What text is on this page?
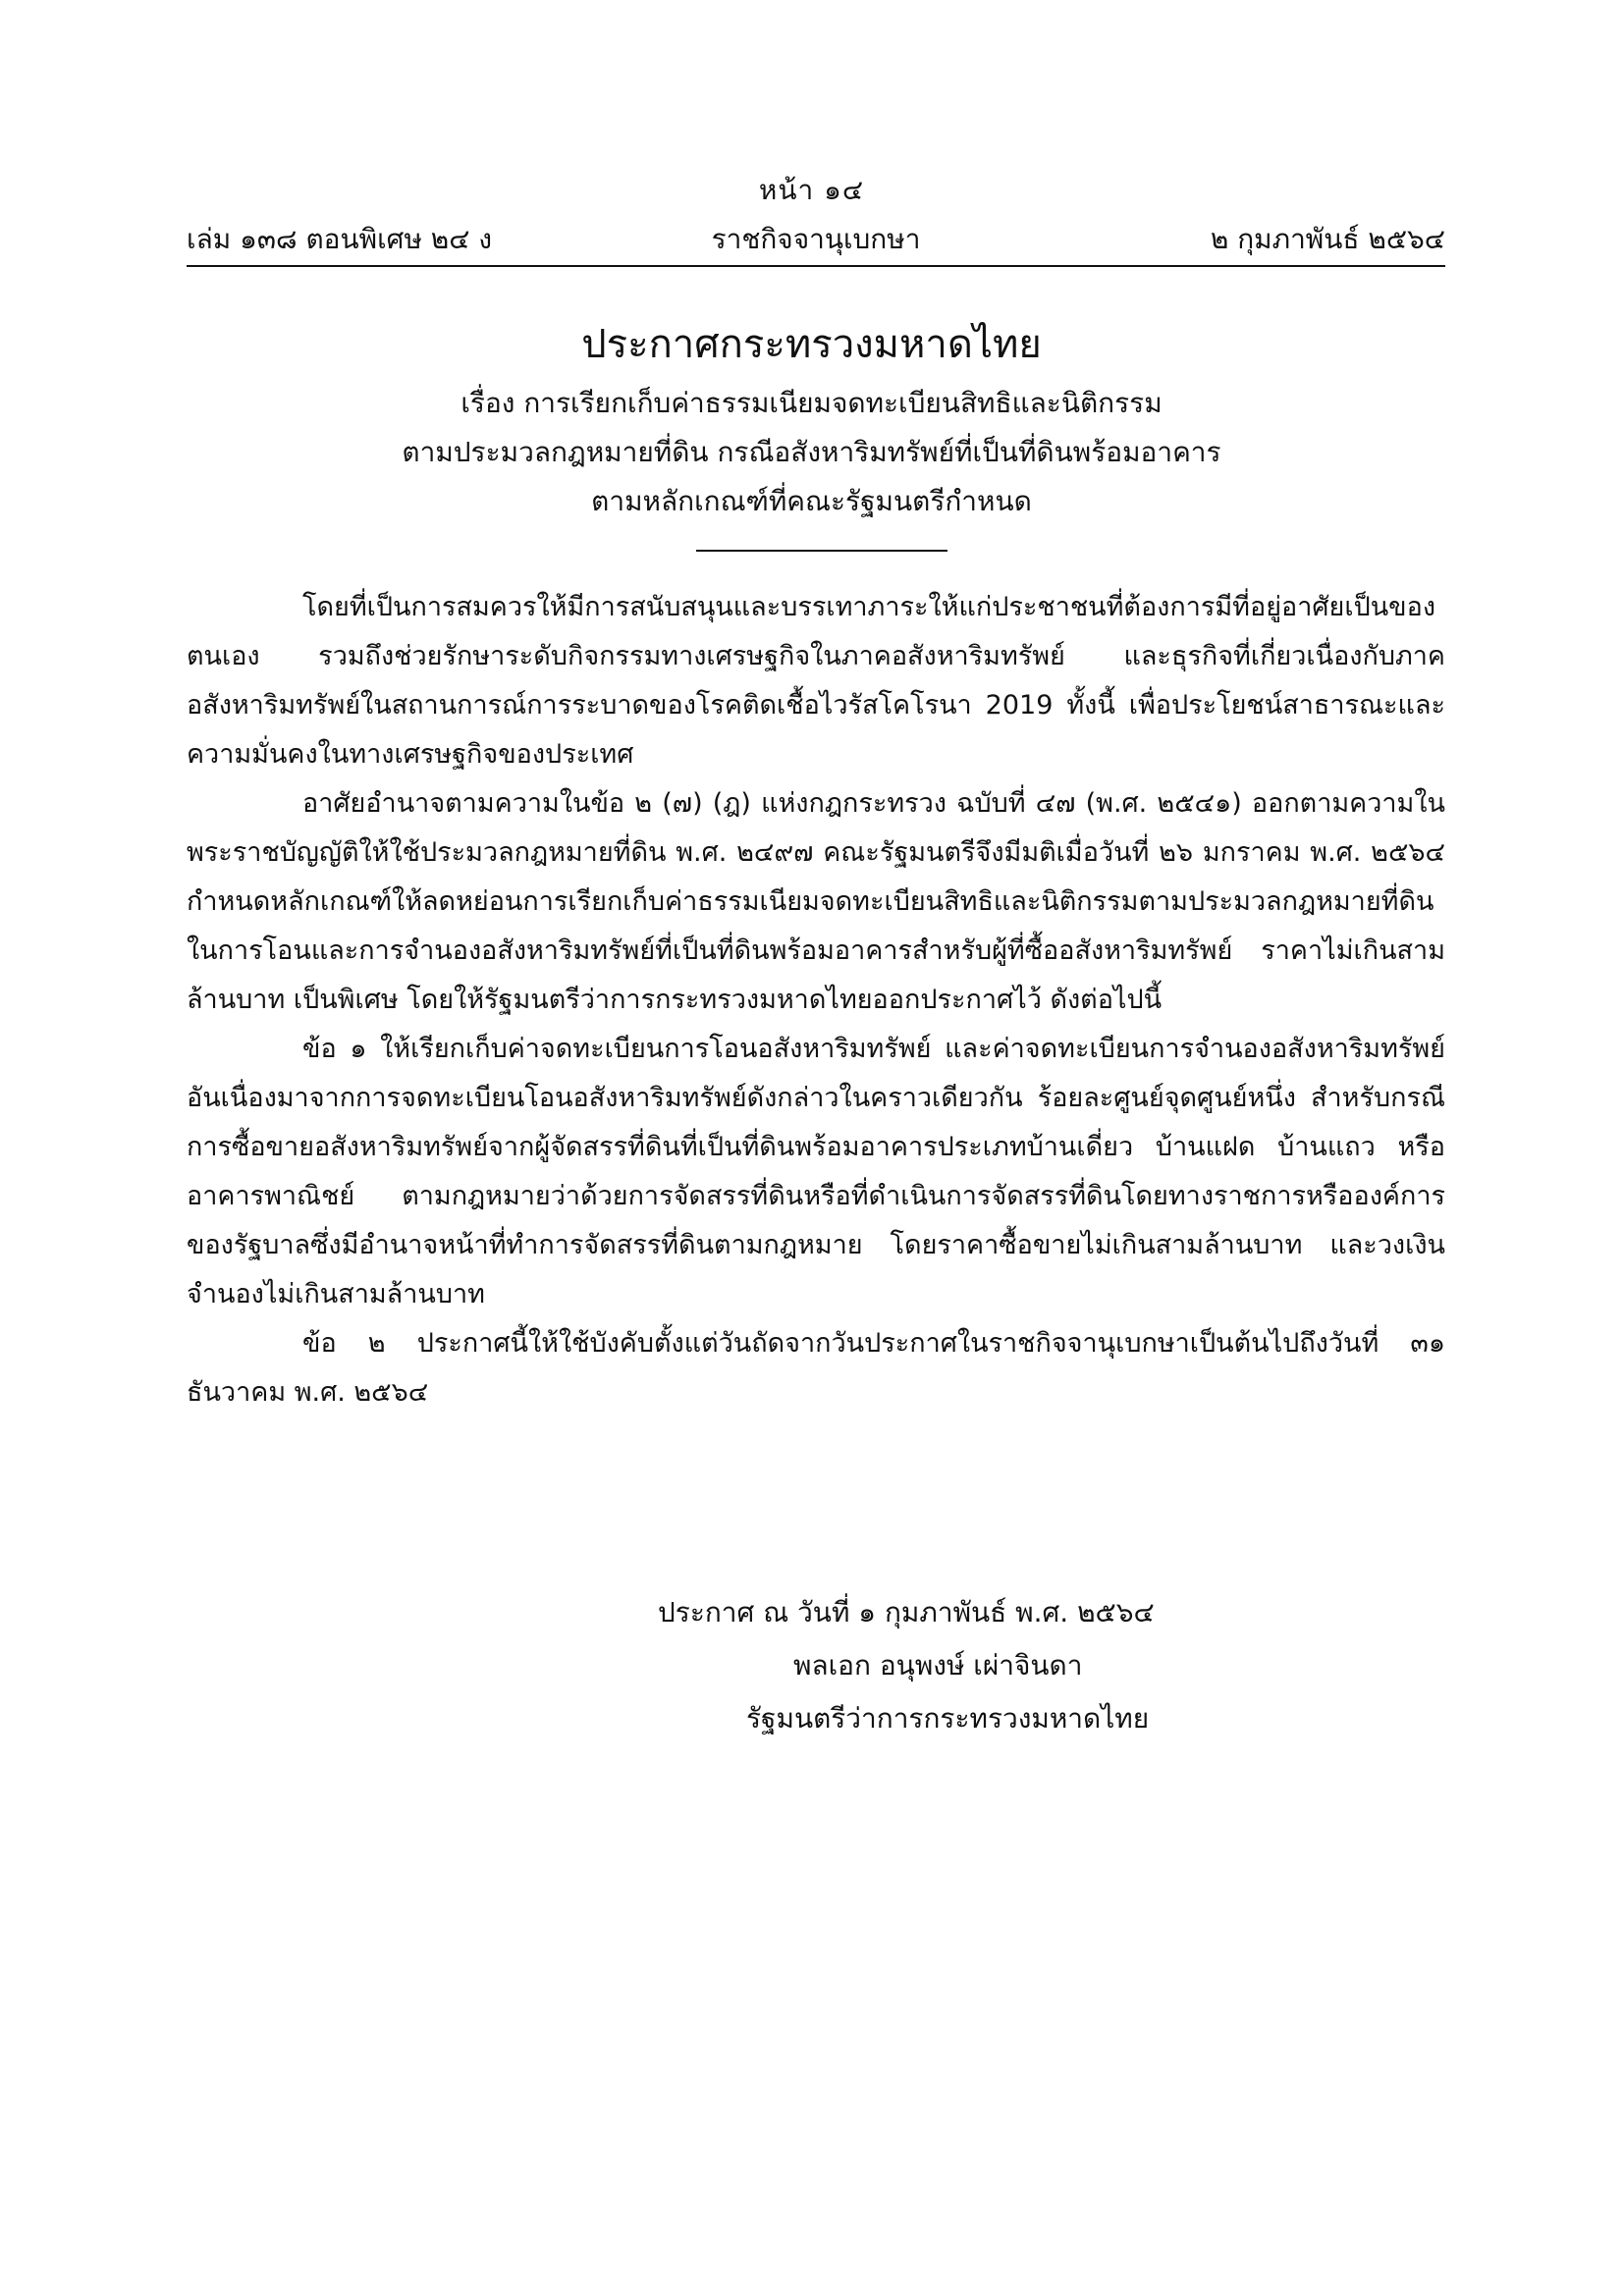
หน้า ๑๔
ราชกิจจานุเบกษา
เล่ม ๑๓๘ ตอนพิเศษ ๒๔ ง	๒ กุมภาพันธ์ ๒๕๖๔
ประกาศกระทรวงมหาดไทย
เรื่อง การเรียกเก็บค่าธรรมเนียมจดทะเบียนสิทธิและนิติกรรม
ตามประมวลกฎหมายที่ดิน กรณีอสังหาริมทรัพย์ที่เป็นที่ดินพร้อมอาคาร
ตามหลักเกณฑ์ที่คณะรัฐมนตรีกำหนด

โดยที่เป็นการสมควรให้มีการสนับสนุนและบรรเทาภาระให้แก่ประชาชนที่ต้องการมีที่อยู่อาศัยเป็นของตนเอง รวมถึงช่วยรักษาระดับกิจกรรมทางเศรษฐกิจในภาคอสังหาริมทรัพย์ และธุรกิจที่เกี่ยวเนื่องกับภาคอสังหาริมทรัพย์ในสถานการณ์การระบาดของโรคติดเชื้อไวรัสโคโรนา 2019 ทั้งนี้ เพื่อประโยชน์สาธารณะและความมั่นคงในทางเศรษฐกิจของประเทศ

อาศัยอำนาจตามความในข้อ ๒ (๗) (ฎ) แห่งกฎกระทรวง ฉบับที่ ๔๗ (พ.ศ. ๒๕๔๑) ออกตามความในพระราชบัญญัติให้ใช้ประมวลกฎหมายที่ดิน พ.ศ. ๒๔๙๗ คณะรัฐมนตรีจึงมีมติเมื่อวันที่ ๒๖ มกราคม พ.ศ. ๒๕๖๔ กำหนดหลักเกณฑ์ให้ลดหย่อนการเรียกเก็บค่าธรรมเนียมจดทะเบียนสิทธิและนิติกรรมตามประมวลกฎหมายที่ดินในการโอนและการจำนองอสังหาริมทรัพย์ที่เป็นที่ดินพร้อมอาคารสำหรับผู้ที่ซื้ออสังหาริมทรัพย์ ราคาไม่เกินสามล้านบาท เป็นพิเศษ โดยให้รัฐมนตรีว่าการกระทรวงมหาดไทยออกประกาศไว้ ดังต่อไปนี้

ข้อ ๑ ให้เรียกเก็บค่าจดทะเบียนการโอนอสังหาริมทรัพย์ และค่าจดทะเบียนการจำนองอสังหาริมทรัพย์อันเนื่องมาจากการจดทะเบียนโอนอสังหาริมทรัพย์ดังกล่าวในคราวเดียวกัน ร้อยละศูนย์จุดศูนย์หนึ่ง สำหรับกรณีการซื้อขายอสังหาริมทรัพย์จากผู้จัดสรรที่ดินที่เป็นที่ดินพร้อมอาคารประเภทบ้านเดี่ยว บ้านแฝด บ้านแถว หรืออาคารพาณิชย์ ตามกฎหมายว่าด้วยการจัดสรรที่ดินหรือที่ดำเนินการจัดสรรที่ดินโดยทางราชการหรือองค์การของรัฐบาลซึ่งมีอำนาจหน้าที่ทำการจัดสรรที่ดินตามกฎหมาย โดยราคาซื้อขายไม่เกินสามล้านบาท และวงเงินจำนองไม่เกินสามล้านบาท

ข้อ ๒ ประกาศนี้ให้ใช้บังคับตั้งแต่วันถัดจากวันประกาศในราชกิจจานุเบกษาเป็นต้นไปถึงวันที่ ๓๑ ธันวาคม พ.ศ. ๒๕๖๔

ประกาศ ณ วันที่ ๑ กุมภาพันธ์ พ.ศ. ๒๕๖๔
พลเอก อนุพงษ์ เผ่าจินดา
รัฐมนตรีว่าการกระทรวงมหาดไทย
